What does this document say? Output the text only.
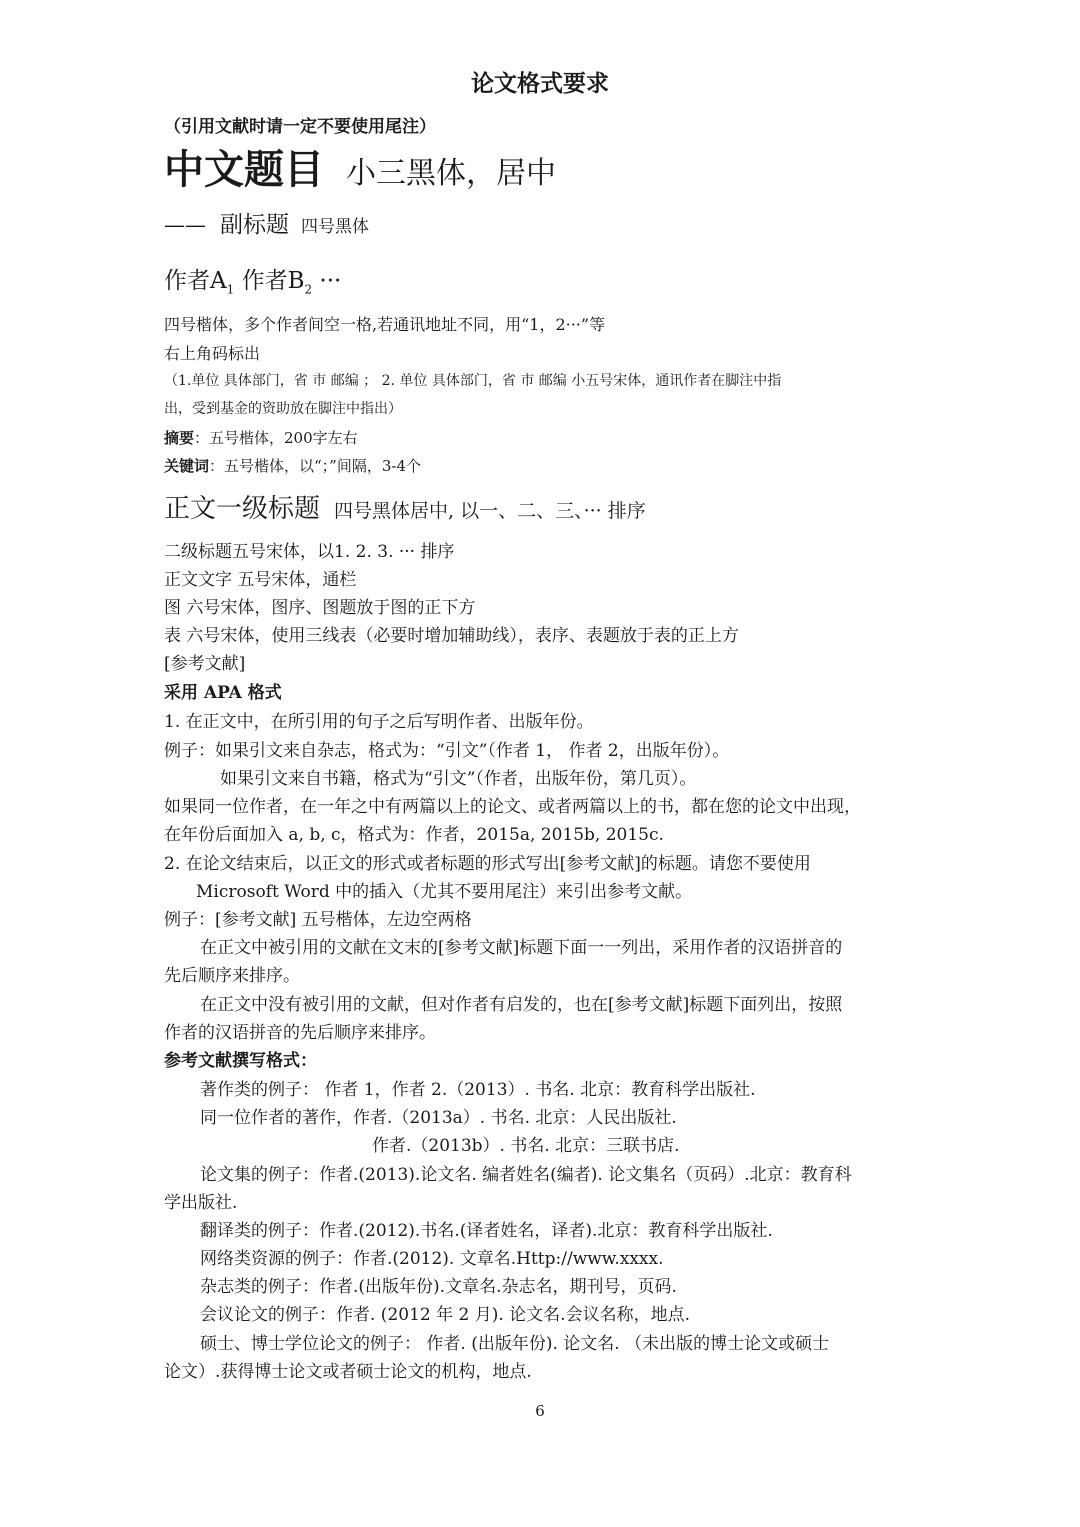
论文格式要求
（引用文献时请一定不要使用尾注）
中文题目 小三黑体，居中
—— 副标题 四号黑体
作者$A_1$ 作者$B_2$ ···
四号楷体，多个作者间空一格,若通讯地址不同，用“1，2···”等
右上角码标出
（1.单位 具体部门，省 市 邮编 ； 2. 单位 具体部门，省 市 邮编 小五号宋体，通讯作者在脚注中指
出，受到基金的资助放在脚注中指出）
摘要：五号楷体，200字左右
关键词：五号楷体，以“；”间隔，3-4个
正文一级标题 四号黑体居中, 以一、二、三、··· 排序
二级标题五号宋体，以1. 2. 3. ··· 排序
正文文字 五号宋体，通栏
图 六号宋体，图序、图题放于图的正下方
表 六号宋体，使用三线表（必要时增加辅助线），表序、表题放于表的正上方
[参考文献]
采用 APA 格式
1. 在正文中，在所引用的句子之后写明作者、出版年份。
例子：如果引文来自杂志，格式为：“引文”（作者 1， 作者 2，出版年份）。
如果引文来自书籍，格式为“引文”（作者，出版年份，第几页）。
如果同一位作者，在一年之中有两篇以上的论文、或者两篇以上的书，都在您的论文中出现，
在年份后面加入 a, b, c，格式为：作者，2015a, 2015b, 2015c.
2. 在论文结束后，以正文的形式或者标题的形式写出[参考文献]的标题。请您不要使用
Microsoft Word 中的插入（尤其不要用尾注）来引出参考文献。
例子：[参考文献] 五号楷体，左边空两格
在正文中被引用的文献在文末的[参考文献]标题下面一一列出，采用作者的汉语拼音的
先后顺序来排序。
在正文中没有被引用的文献，但对作者有启发的，也在[参考文献]标题下面列出，按照
作者的汉语拼音的先后顺序来排序。
参考文献撰写格式：
著作类的例子： 作者 1，作者 2.（2013）. 书名. 北京：教育科学出版社.
同一位作者的著作，作者.（2013a）. 书名. 北京：人民出版社.
作者.（2013b）. 书名. 北京：三联书店.
论文集的例子：作者.(2013).论文名. 编者姓名(编者). 论文集名（页码）.北京：教育科
学出版社.
翻译类的例子：作者.(2012).书名.(译者姓名，译者).北京：教育科学出版社.
网络类资源的例子：作者.(2012). 文章名.Http://www.xxxx.
杂志类的例子：作者.(出版年份).文章名.杂志名，期刊号，页码.
会议论文的例子：作者. (2012 年 2 月). 论文名.会议名称，地点.
硕士、博士学位论文的例子： 作者. (出版年份). 论文名. （未出版的博士论文或硕士
论文）.获得博士论文或者硕士论文的机构，地点.
6
